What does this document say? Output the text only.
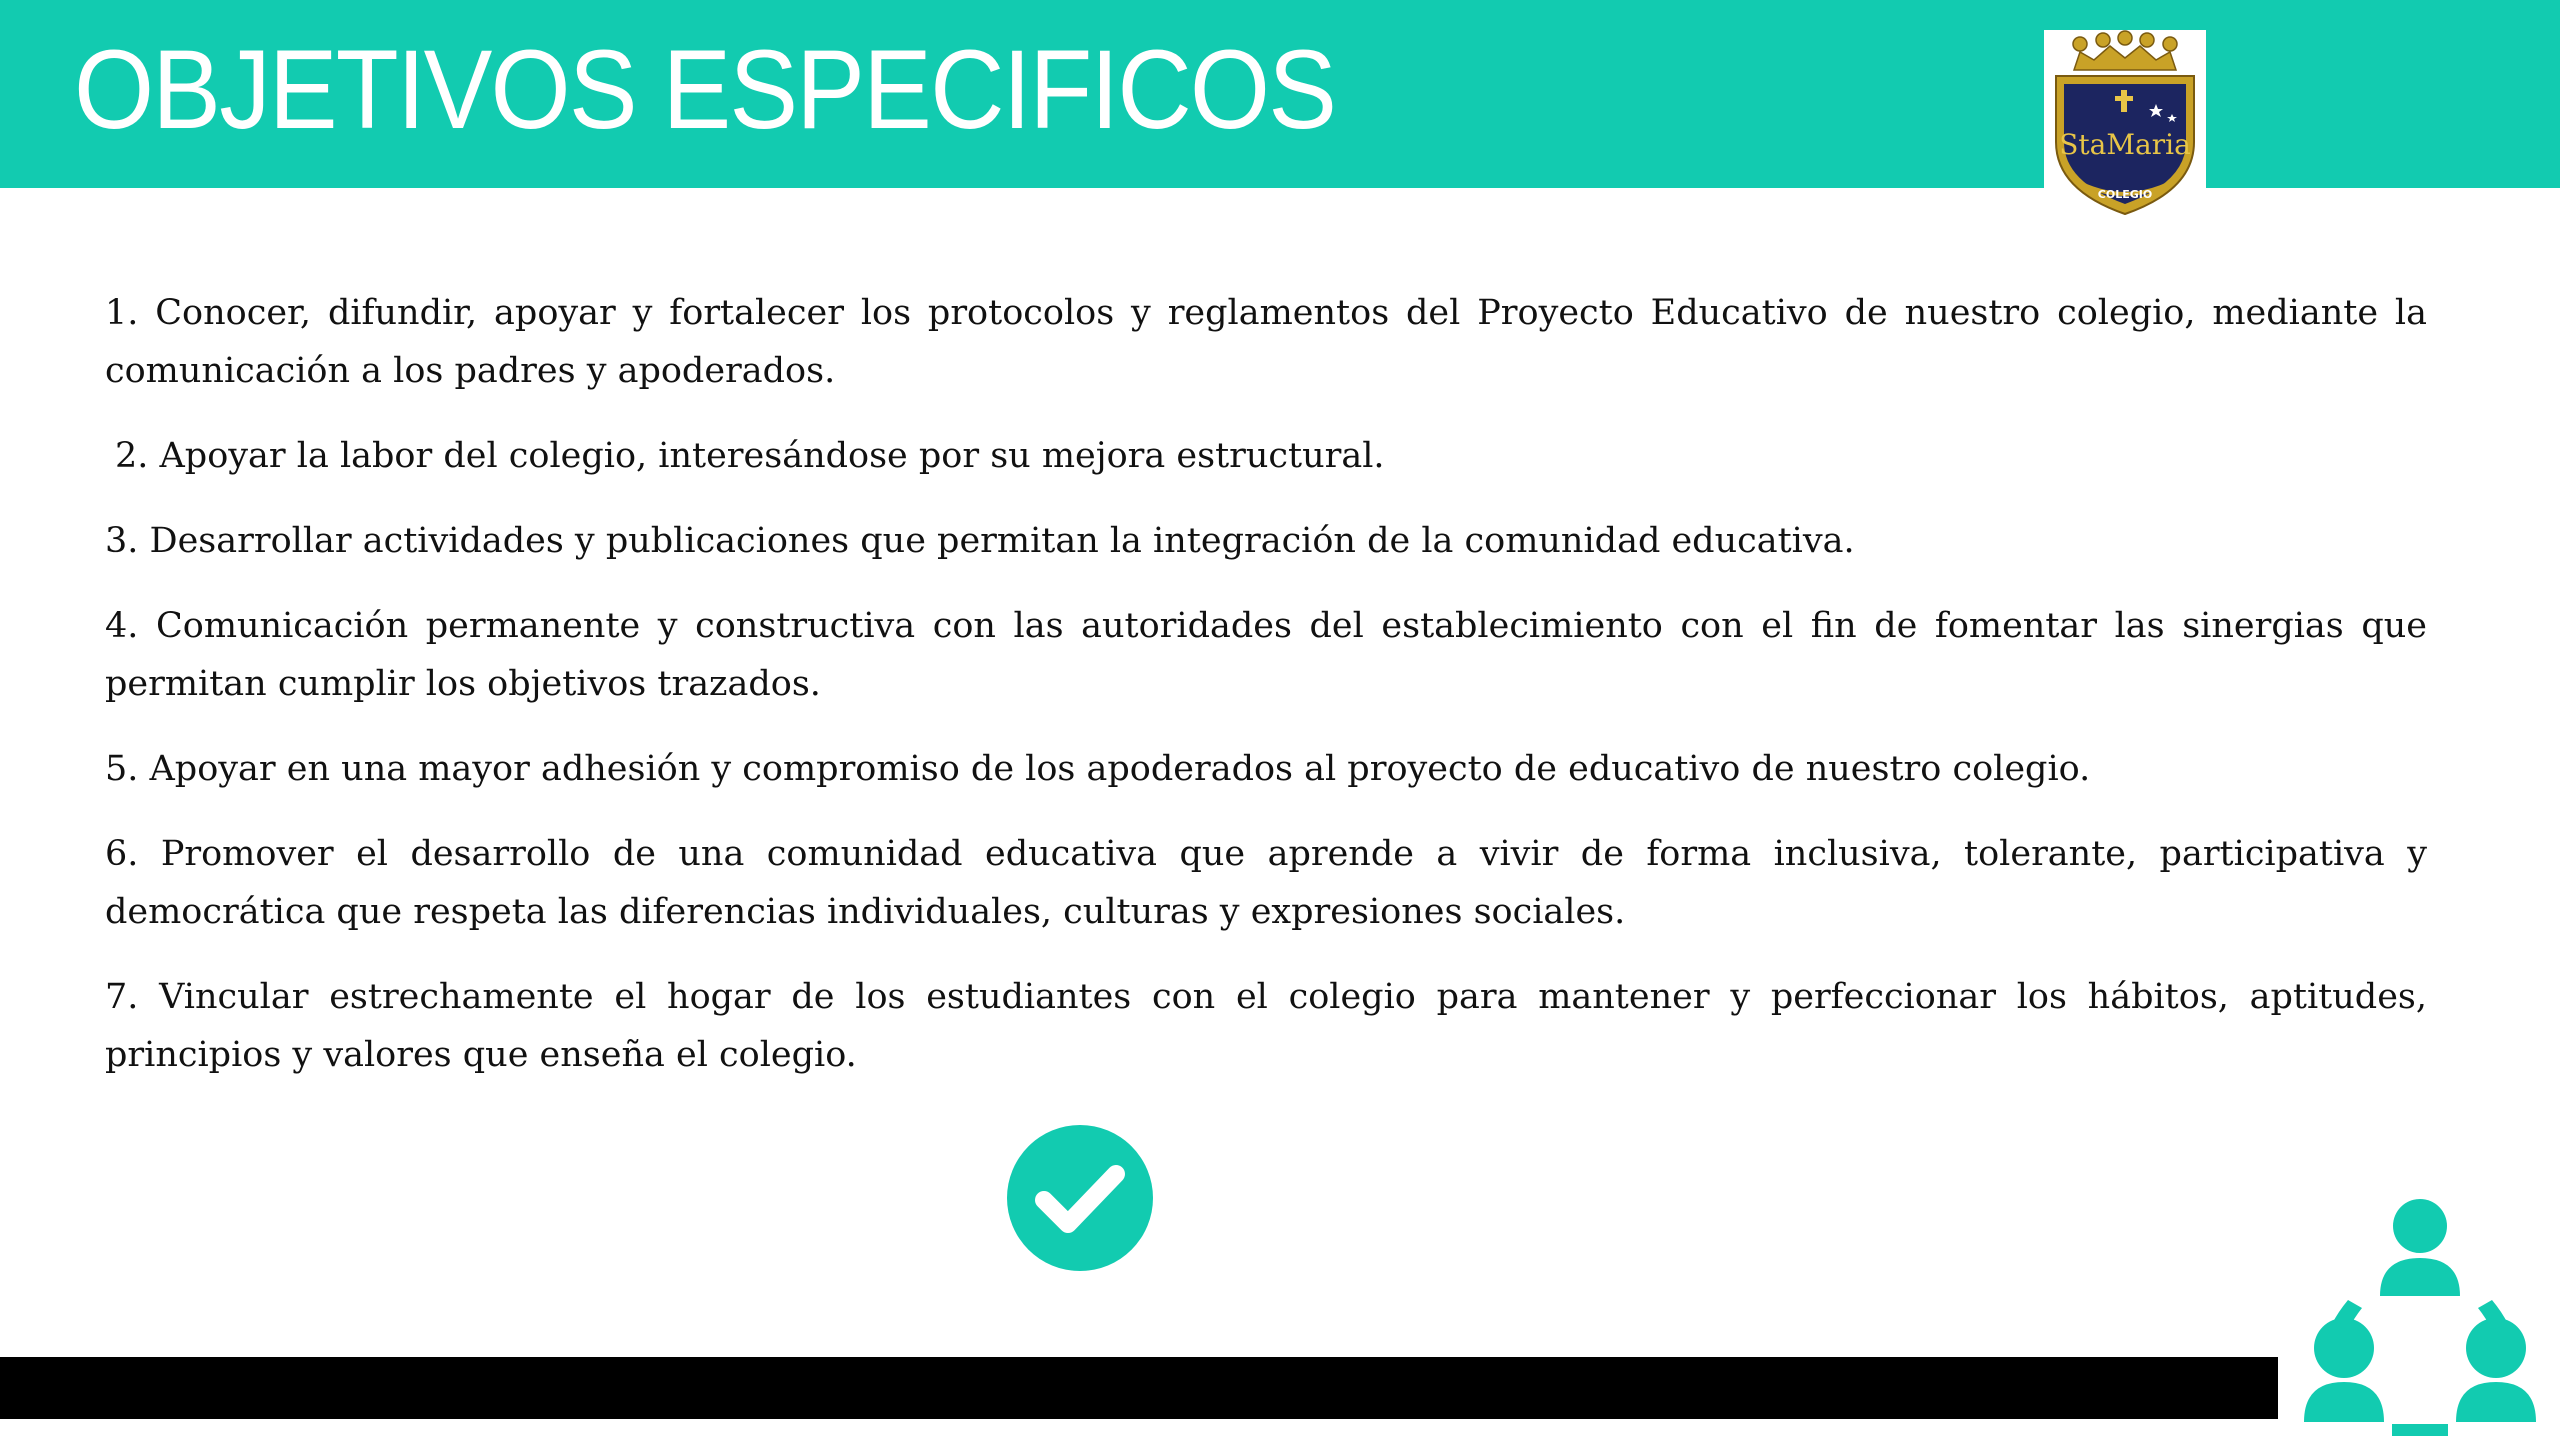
OBJETIVOS ESPECIFICOS	StaMaria
COLEGIO

1. Conocer, difundir, apoyar y fortalecer los protocolos y reglamentos del Proyecto Educativo de nuestro colegio, mediante la comunicación a los padres y apoderados.

2. Apoyar la labor del colegio, interesándose por su mejora estructural.

3. Desarrollar actividades y publicaciones que permitan la integración de la comunidad educativa.

4. Comunicación permanente y constructiva con las autoridades del establecimiento con el fin de fomentar las sinergias que permitan cumplir los objetivos trazados.

5. Apoyar en una mayor adhesión y compromiso de los apoderados al proyecto de educativo de nuestro colegio.

6. Promover el desarrollo de una comunidad educativa que aprende a vivir de forma inclusiva, tolerante, participativa y democrática que respeta las diferencias individuales, culturas y expresiones sociales.

7. Vincular estrechamente el hogar de los estudiantes con el colegio para mantener y perfeccionar los hábitos, aptitudes, principios y valores que enseña el colegio.
